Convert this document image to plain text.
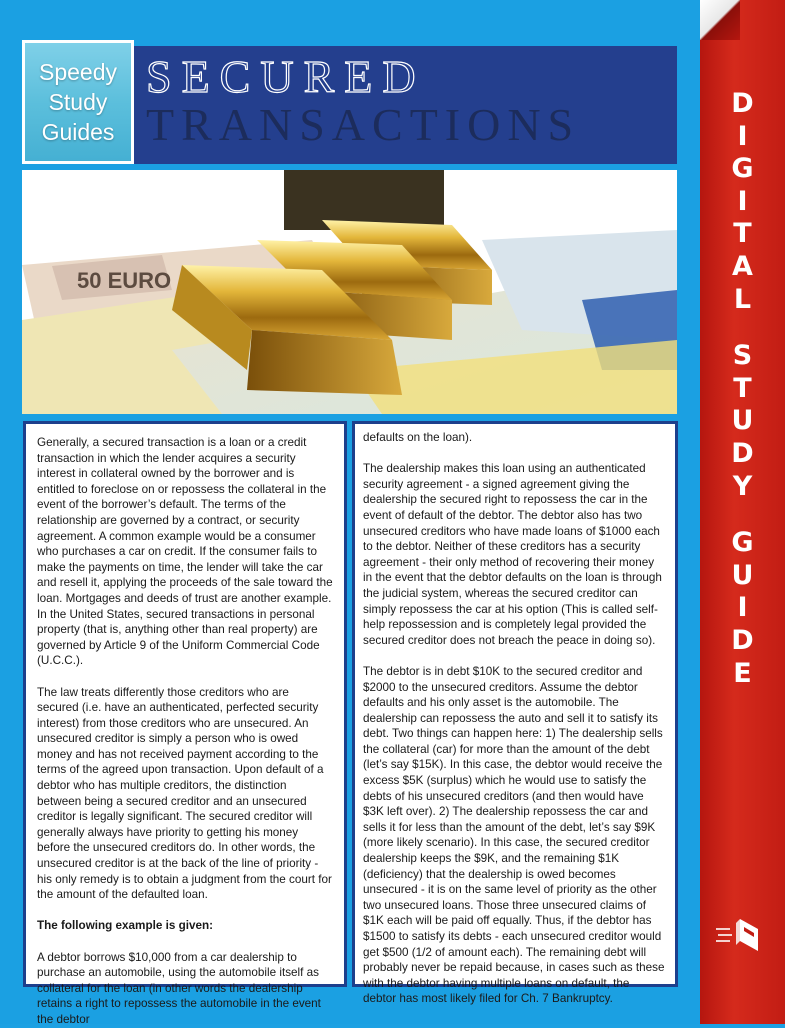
D
I
G
I
T
A
L
S
T
U
D
Y
G
U
I
D
E
Speedy
Study
Guides
SECURED
TRANSACTIONS
50 EURO

Generally, a secured transaction is a loan or a credit transaction in which the lender acquires a security interest in collateral owned by the borrower and is entitled to foreclose on or repossess the collateral in the event of the borrower’s default. The terms of the relationship are governed by a contract, or security agreement. A common example would be a consumer who purchases a car on credit. If the consumer fails to make the payments on time, the lender will take the car and resell it, applying the proceeds of the sale toward the loan. Mortgages and deeds of trust are another example. In the United States, secured transactions in personal property (that is, anything other than real property) are governed by Article 9 of the Uniform Commercial Code (U.C.C.).

The law treats differently those creditors who are secured (i.e. have an authenticated, perfected security interest) from those creditors who are unsecured. An unsecured creditor is simply a person who is owed money and has not received payment according to the terms of the agreed upon transaction. Upon default of a debtor who has multiple creditors, the distinction between being a secured creditor and an unsecured creditor is legally significant. The secured creditor will generally always have priority to getting his money before the unsecured creditors do. In other words, the unsecured creditor is at the back of the line of priority - his only remedy is to obtain a judgment from the court for the amount of the defaulted loan.

The following example is given:

A debtor borrows $10,000 from a car dealership to purchase an automobile, using the automobile itself as collateral for the loan (in other words the dealership retains a right to repossess the automobile in the event the debtor

defaults on the loan).

The dealership makes this loan using an authenticated security agreement - a signed agreement giving the dealership the secured right to repossess the car in the event of default of the debtor. The debtor also has two unsecured creditors who have made loans of $1000 each to the debtor. Neither of these creditors has a security agreement - their only method of recovering their money in the event that the debtor defaults on the loan is through the judicial system, whereas the secured creditor can simply repossess the car at his option (This is called self-help repossession and is completely legal provided the secured creditor does not breach the peace in doing so).

The debtor is in debt $10K to the secured creditor and $2000 to the unsecured creditors. Assume the debtor defaults and his only asset is the automobile. The dealership can repossess the auto and sell it to satisfy its debt. Two things can happen here: 1) The dealership sells the collateral (car) for more than the amount of the debt (let’s say $15K). In this case, the debtor would receive the excess $5K (surplus) which he would use to satisfy the debts of his unsecured creditors (and then would have $3K left over). 2) The dealership repossess the car and sells it for less than the amount of the debt, let’s say $9K (more likely scenario). In this case, the secured creditor dealership keeps the $9K, and the remaining $1K (deficiency) that the dealership is owed becomes unsecured - it is on the same level of priority as the other two unsecured loans. Those three unsecured claims of $1K each will be paid off equally. Thus, if the debtor has $1500 to satisfy its debts - each unsecured creditor would get $500 (1/2 of amount each). The remaining debt will probably never be repaid because, in cases such as these with the debtor having multiple loans on default, the debtor has most likely filed for Ch. 7 Bankruptcy.
